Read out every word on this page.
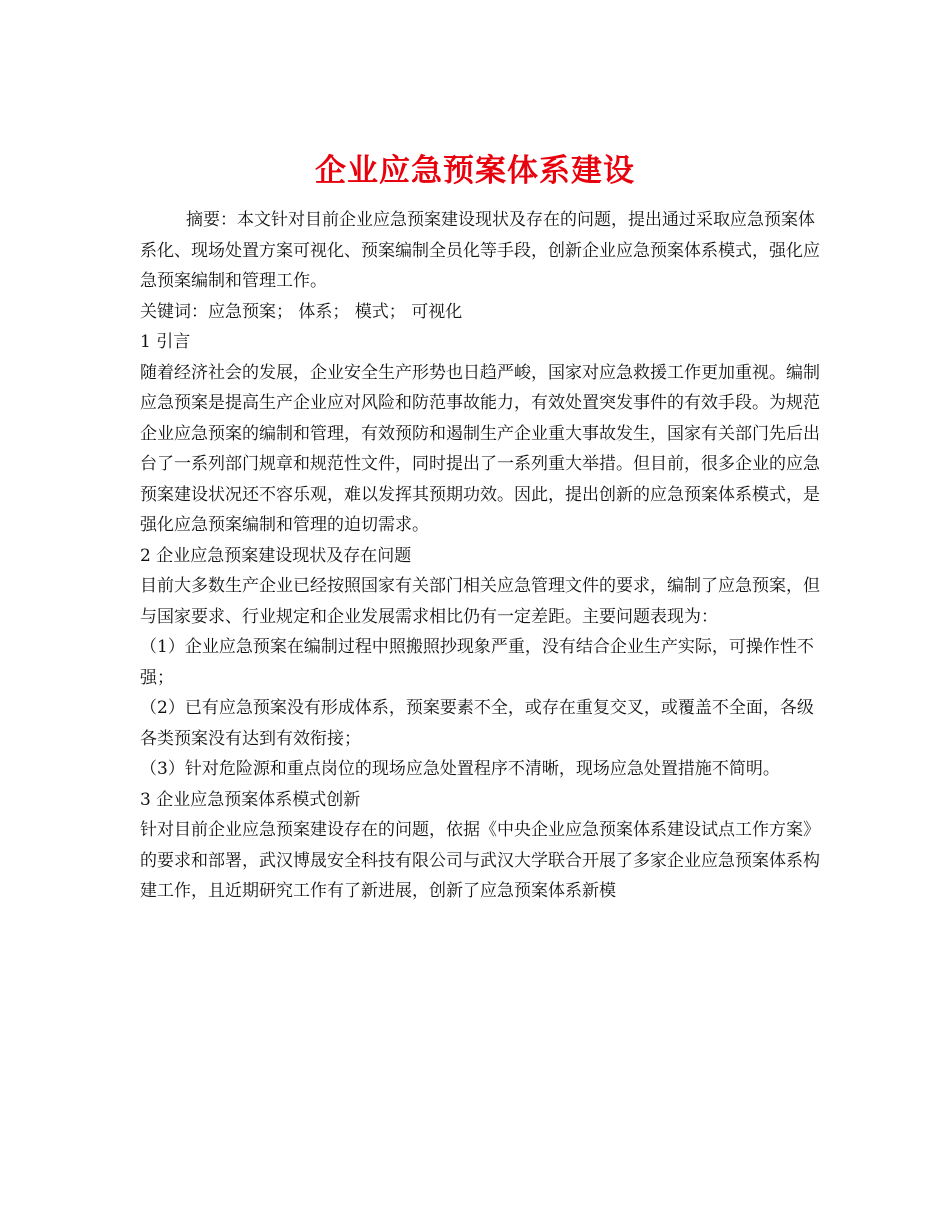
企业应急预案体系建设

摘要：本文针对目前企业应急预案建设现状及存在的问题，提出通过采取应急预案体系化、现场处置方案可视化、预案编制全员化等手段，创新企业应急预案体系模式，强化应急预案编制和管理工作。

关键词：应急预案； 体系； 模式； 可视化

1 引言

随着经济社会的发展，企业安全生产形势也日趋严峻，国家对应急救援工作更加重视。编制应急预案是提高生产企业应对风险和防范事故能力，有效处置突发事件的有效手段。为规范企业应急预案的编制和管理，有效预防和遏制生产企业重大事故发生，国家有关部门先后出台了一系列部门规章和规范性文件，同时提出了一系列重大举措。但目前，很多企业的应急预案建设状况还不容乐观，难以发挥其预期功效。因此，提出创新的应急预案体系模式，是强化应急预案编制和管理的迫切需求。

2 企业应急预案建设现状及存在问题

目前大多数生产企业已经按照国家有关部门相关应急管理文件的要求，编制了应急预案，但与国家要求、行业规定和企业发展需求相比仍有一定差距。主要问题表现为：

（1）企业应急预案在编制过程中照搬照抄现象严重，没有结合企业生产实际，可操作性不强；

（2）已有应急预案没有形成体系，预案要素不全，或存在重复交叉，或覆盖不全面，各级各类预案没有达到有效衔接；

（3）针对危险源和重点岗位的现场应急处置程序不清晰，现场应急处置措施不简明。

3 企业应急预案体系模式创新

针对目前企业应急预案建设存在的问题，依据《中央企业应急预案体系建设试点工作方案》的要求和部署，武汉博晟安全科技有限公司与武汉大学联合开展了多家企业应急预案体系构建工作，且近期研究工作有了新进展，创新了应急预案体系新模
